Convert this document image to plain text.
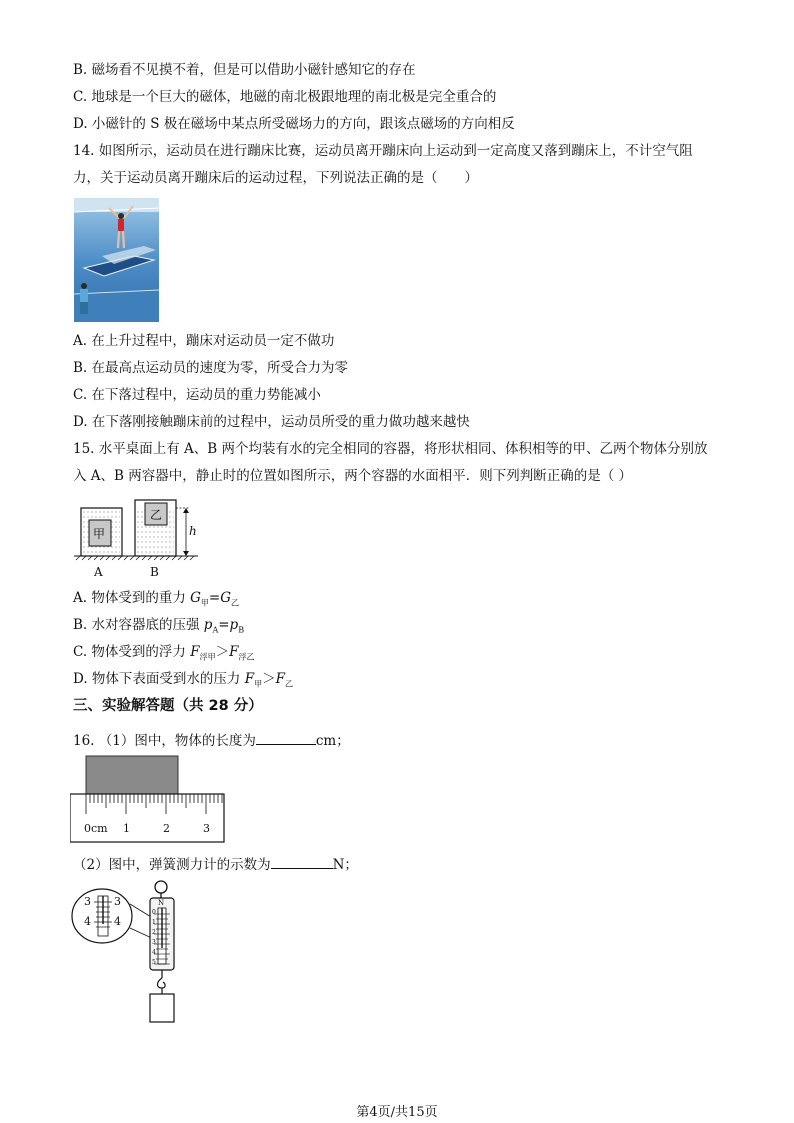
B. 磁场看不见摸不着，但是可以借助小磁针感知它的存在
C. 地球是一个巨大的磁体，地磁的南北极跟地理的南北极是完全重合的
D. 小磁针的 S 极在磁场中某点所受磁场力的方向，跟该点磁场的方向相反
14. 如图所示，运动员在进行蹦床比赛，运动员离开蹦床向上运动到一定高度又落到蹦床上，不计空气阻
力，关于运动员离开蹦床后的运动过程，下列说法正确的是（　　）
A. 在上升过程中，蹦床对运动员一定不做功
B. 在最高点运动员的速度为零，所受合力为零
C. 在下落过程中，运动员的重力势能减小
D. 在下落刚接触蹦床前的过程中，运动员所受的重力做功越来越快
15. 水平桌面上有 A、B 两个均装有水的完全相同的容器，将形状相同、体积相等的甲、乙两个物体分别放
入 A、B 两容器中，静止时的位置如图所示，两个容器的水面相平．则下列判断正确的是（ ）
甲
乙
h
A	B
A. 物体受到的重力 $G_甲=G_乙$
B. 水对容器底的压强 $p_A=p_B$
C. 物体受到的浮力 $F_{浮甲}>F_{浮乙}$
D. 物体下表面受到水的压力 $F_甲>F_乙$
三、实验解答题（共 28 分）
16. （1）图中，物体的长度为	cm；
0cm 1	2	3
（2）图中，弹簧测力计的示数为	N；
N
0
1
2
3
4
5
3 3
4 4
第4页/共15页
